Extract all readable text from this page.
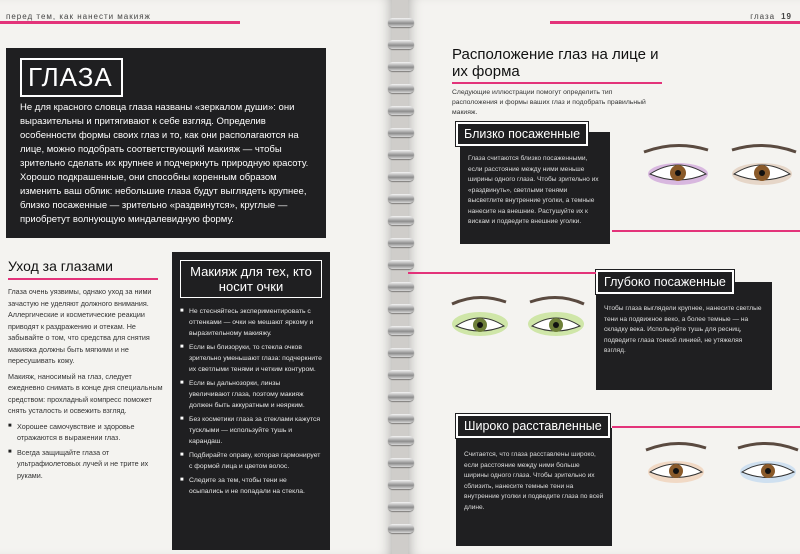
перед тем, как нанести макияж
ГЛАЗА
Не для красного словца глаза названы «зеркалом души»: они выразительны и притягивают к себе взгляд. Определив особенности формы своих глаз и то, как они располагаются на лице, можно подобрать соответствующий макияж — чтобы зрительно сделать их крупнее и подчеркнуть природную красоту. Хорошо подкрашенные, они способны коренным образом изменить ваш облик: небольшие глаза будут выглядеть крупнее, близко посаженные — зрительно «раздвинутся», круглые — приобретут волнующую миндалевидную форму.
Уход за глазами

Глаза очень уязвимы, однако уход за ними зачастую не уделяют должного внимания. Аллергические и косметические реакции приводят к раздражению и отекам. Не забывайте о том, что средства для снятия макияжа должны быть мягкими и не пересушивать кожу.

Макияж, наносимый на глаз, следует ежедневно снимать в конце дня специальным средством: прохладный компресс поможет снять усталость и освежить взгляд.

■ Хорошее самочувствие и здоровье отражаются в выражении глаз.
■ Всегда защищайте глаза от ультрафиолетовых лучей и не трите их руками.
Макияж для тех, кто носит очки
■ Не стесняйтесь экспериментировать с оттенками — очки не мешают яркому и выразительному макияжу.
■ Если вы близоруки, то стекла очков зрительно уменьшают глаза: подчеркните их светлыми тенями и четким контуром.
■ Если вы дальнозорки, линзы увеличивают глаза, поэтому макияж должен быть аккуратным и неярким.
■ Без косметики глаза за стеклами кажутся тусклыми — используйте тушь и карандаш.
■ Подбирайте оправу, которая гармонирует с формой лица и цветом волос.
■ Следите за тем, чтобы тени не осыпались и не попадали на стекла.
глаза 19
Расположение глаз на лице и их форма
Следующие иллюстрации помогут определить тип расположения и формы ваших глаз и подобрать правильный макияж.
Глаза считаются близко посаженными, если расстояние между ними меньше ширины одного глаза. Чтобы зрительно их «раздвинуть», светлыми тенями высветлите внутренние уголки, а темные нанесите на внешние. Растушуйте их к вискам и подведите внешние уголки.
Близко посаженные
Чтобы глаза выглядели крупнее, нанесите светлые тени на подвижное веко, а более темные — на складку века. Используйте тушь для ресниц, подведите глаза тонкой линией, не утяжеляя взгляд.
Глубоко посаженные
Считается, что глаза расставлены широко, если расстояние между ними больше ширины одного глаза. Чтобы зрительно их сблизить, нанесите темные тени на внутренние уголки и подведите глаза по всей длине.
Широко расставленные
